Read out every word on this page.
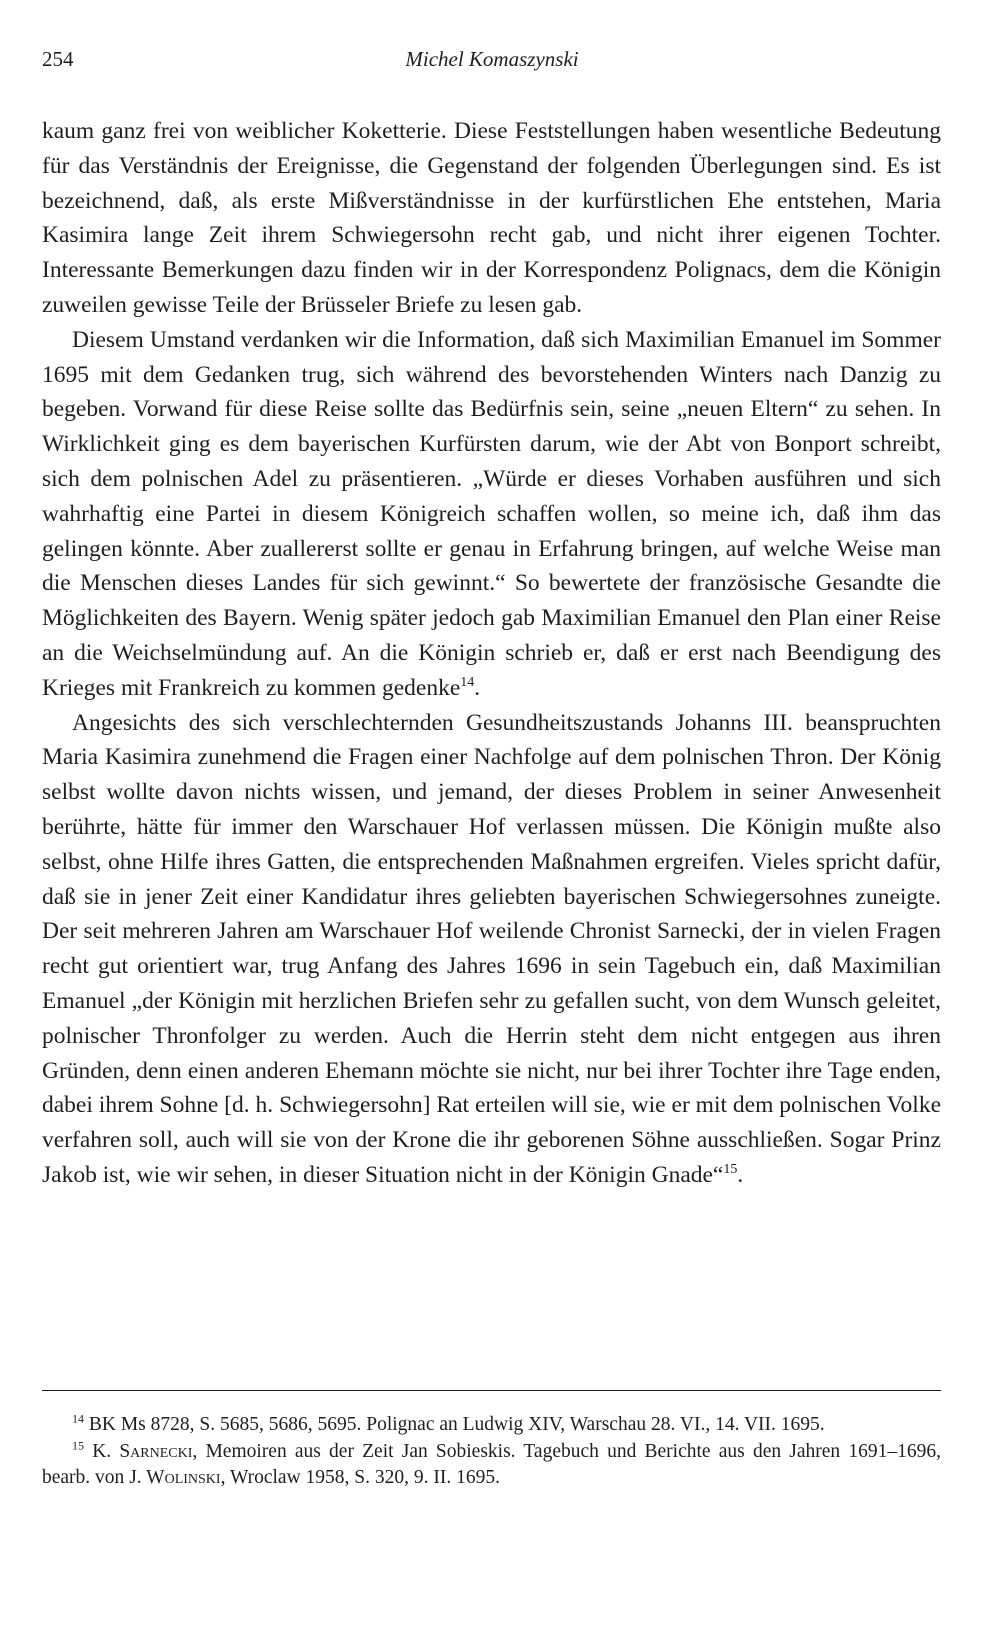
254	Michel Komaszynski

kaum ganz frei von weiblicher Koketterie. Diese Feststellungen haben wesentliche Bedeutung für das Verständnis der Ereignisse, die Gegenstand der folgenden Überlegungen sind. Es ist bezeichnend, daß, als erste Mißverständnisse in der kurfürstlichen Ehe entstehen, Maria Kasimira lange Zeit ihrem Schwiegersohn recht gab, und nicht ihrer eigenen Tochter. Interessante Bemerkungen dazu finden wir in der Korrespondenz Polignacs, dem die Königin zuweilen gewisse Teile der Brüsseler Briefe zu lesen gab.

Diesem Umstand verdanken wir die Information, daß sich Maximilian Emanuel im Sommer 1695 mit dem Gedanken trug, sich während des bevorstehenden Winters nach Danzig zu begeben. Vorwand für diese Reise sollte das Bedürfnis sein, seine „neuen Eltern“ zu sehen. In Wirklichkeit ging es dem bayerischen Kurfürsten darum, wie der Abt von Bonport schreibt, sich dem polnischen Adel zu präsentieren. „Würde er dieses Vorhaben ausführen und sich wahrhaftig eine Partei in diesem Königreich schaffen wollen, so meine ich, daß ihm das gelingen könnte. Aber zuallererst sollte er genau in Erfahrung bringen, auf welche Weise man die Menschen dieses Landes für sich gewinnt.“ So bewertete der französische Gesandte die Möglichkeiten des Bayern. Wenig später jedoch gab Maximilian Emanuel den Plan einer Reise an die Weichselmündung auf. An die Königin schrieb er, daß er erst nach Beendigung des Krieges mit Frankreich zu kommen gedenke$^{14}$.

Angesichts des sich verschlechternden Gesundheitszustands Johanns III. beanspruchten Maria Kasimira zunehmend die Fragen einer Nachfolge auf dem polnischen Thron. Der König selbst wollte davon nichts wissen, und jemand, der dieses Problem in seiner Anwesenheit berührte, hätte für immer den Warschauer Hof verlassen müssen. Die Königin mußte also selbst, ohne Hilfe ihres Gatten, die entsprechenden Maßnahmen ergreifen. Vieles spricht dafür, daß sie in jener Zeit einer Kandidatur ihres geliebten bayerischen Schwiegersohnes zuneigte. Der seit mehreren Jahren am Warschauer Hof weilende Chronist Sarnecki, der in vielen Fragen recht gut orientiert war, trug Anfang des Jahres 1696 in sein Tagebuch ein, daß Maximilian Emanuel „der Königin mit herzlichen Briefen sehr zu gefallen sucht, von dem Wunsch geleitet, polnischer Thronfolger zu werden. Auch die Herrin steht dem nicht entgegen aus ihren Gründen, denn einen anderen Ehemann möchte sie nicht, nur bei ihrer Tochter ihre Tage enden, dabei ihrem Sohne [d. h. Schwiegersohn] Rat erteilen will sie, wie er mit dem polnischen Volke verfahren soll, auch will sie von der Krone die ihr geborenen Söhne ausschließen. Sogar Prinz Jakob ist, wie wir sehen, in dieser Situation nicht in der Königin Gnade“$^{15}$.

$^{14}$ BK Ms 8728, S. 5685, 5686, 5695. Polignac an Ludwig XIV, Warschau 28. VI., 14. VII. 1695.

$^{15}$ K. Sarnecki, Memoiren aus der Zeit Jan Sobieskis. Tagebuch und Berichte aus den Jahren 1691–1696, bearb. von J. Wolinski, Wroclaw 1958, S. 320, 9. II. 1695.
